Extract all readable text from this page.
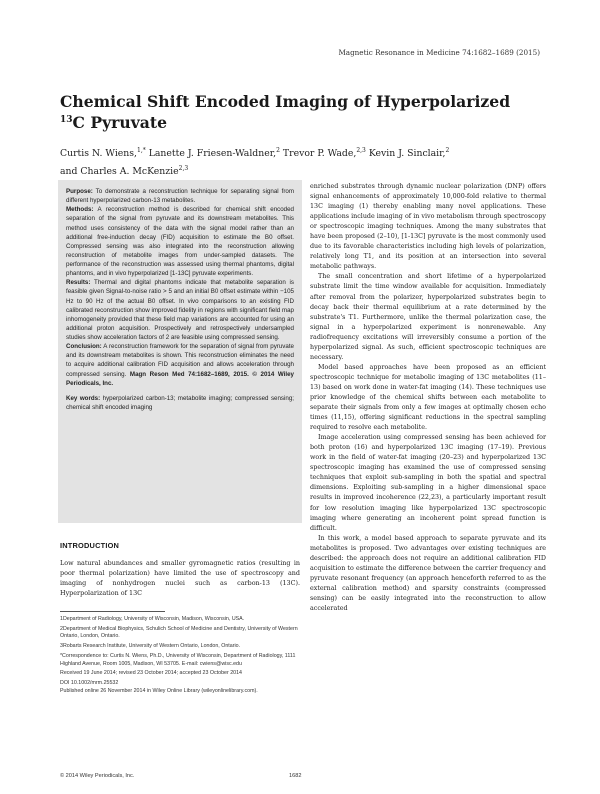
Magnetic Resonance in Medicine 74:1682–1689 (2015)
Chemical Shift Encoded Imaging of Hyperpolarized
$^{13}$C Pyruvate
Curtis N. Wiens,$^{1,*}$ Lanette J. Friesen-Waldner,$^2$ Trevor P. Wade,$^{2,3}$ Kevin J. Sinclair,$^2$
and Charles A. McKenzie$^{2,3}$

Purpose: To demonstrate a reconstruction technique for separating signal from different hyperpolarized carbon-13 metabolites.
Methods: A reconstruction method is described for chemical shift encoded separation of the signal from pyruvate and its downstream metabolites. This method uses consistency of the data with the signal model rather than an additional free-induction decay (FID) acquisition to estimate the B0 offset. Compressed sensing was also integrated into the reconstruction allowing reconstruction of metabolite images from under-sampled datasets. The performance of the reconstruction was assessed using thermal phantoms, digital phantoms, and in vivo hyperpolarized [1-13C] pyruvate experiments.
Results: Thermal and digital phantoms indicate that metabolite separation is feasible given Signal-to-noise ratio > 5 and an initial B0 offset estimate within −105 Hz to 90 Hz of the actual B0 offset. In vivo comparisons to an existing FID calibrated reconstruction show improved fidelity in regions with significant field map inhomogeneity provided that these field map variations are accounted for using an additional proton acquisition. Prospectively and retrospectively undersampled studies show acceleration factors of 2 are feasible using compressed sensing.
Conclusion: A reconstruction framework for the separation of signal from pyruvate and its downstream metabolites is shown. This reconstruction eliminates the need to acquire additional calibration FID acquisition and allows acceleration through compressed sensing. Magn Reson Med 74:1682–1689, 2015. © 2014 Wiley Periodicals, Inc.

Key words: hyperpolarized carbon-13; metabolite imaging; compressed sensing; chemical shift encoded imaging

INTRODUCTION

Low natural abundances and smaller gyromagnetic ratios (resulting in poor thermal polarization) have limited the use of spectroscopy and imaging of nonhydrogen nuclei such as carbon-13 (13C). Hyperpolarization of 13C

1Department of Radiology, University of Wisconsin, Madison, Wisconsin, USA.

2Department of Medical Biophysics, Schulich School of Medicine and Dentistry, University of Western Ontario, London, Ontario.

3Robarts Research Institute, University of Western Ontario, London, Ontario.

*Correspondence to: Curtis N. Wiens, Ph.D., University of Wisconsin, Department of Radiology, 1111 Highland Avenue, Room 1005, Madison, WI 53705. E-mail: cwiens@wisc.edu

Received 19 June 2014; revised 23 October 2014; accepted 23 October 2014

DOI 10.1002/mrm.25532

Published online 26 November 2014 in Wiley Online Library (wileyonlinelibrary.com).

enriched substrates through dynamic nuclear polarization (DNP) offers signal enhancements of approximately 10,000-fold relative to thermal 13C imaging (1) thereby enabling many novel applications. These applications include imaging of in vivo metabolism through spectroscopy or spectroscopic imaging techniques. Among the many substrates that have been proposed (2–10), [1-13C] pyruvate is the most commonly used due to its favorable characteristics including high levels of polarization, relatively long T1, and its position at an intersection into several metabolic pathways.

The small concentration and short lifetime of a hyperpolarized substrate limit the time window available for acquisition. Immediately after removal from the polarizer, hyperpolarized substrates begin to decay back their thermal equilibrium at a rate determined by the substrate's T1. Furthermore, unlike the thermal polarization case, the signal in a hyperpolarized experiment is nonrenewable. Any radiofrequency excitations will irreversibly consume a portion of the hyperpolarized signal. As such, efficient spectroscopic techniques are necessary.

Model based approaches have been proposed as an efficient spectroscopic technique for metabolic imaging of 13C metabolites (11–13) based on work done in water-fat imaging (14). These techniques use prior knowledge of the chemical shifts between each metabolite to separate their signals from only a few images at optimally chosen echo times (11,15), offering significant reductions in the spectral sampling required to resolve each metabolite.

Image acceleration using compressed sensing has been achieved for both proton (16) and hyperpolarized 13C imaging (17–19). Previous work in the field of water-fat imaging (20–23) and hyperpolarized 13C spectroscopic imaging has examined the use of compressed sensing techniques that exploit sub-sampling in both the spatial and spectral dimensions. Exploiting sub-sampling in a higher dimensional space results in improved incoherence (22,23), a particularly important result for low resolution imaging like hyperpolarized 13C spectroscopic imaging where generating an incoherent point spread function is difficult.

In this work, a model based approach to separate pyruvate and its metabolites is proposed. Two advantages over existing techniques are described: the approach does not require an additional calibration FID acquisition to estimate the difference between the carrier frequency and pyruvate resonant frequency (an approach henceforth referred to as the external calibration method) and sparsity constraints (compressed sensing) can be easily integrated into the reconstruction to allow accelerated

© 2014 Wiley Periodicals, Inc.	1682
